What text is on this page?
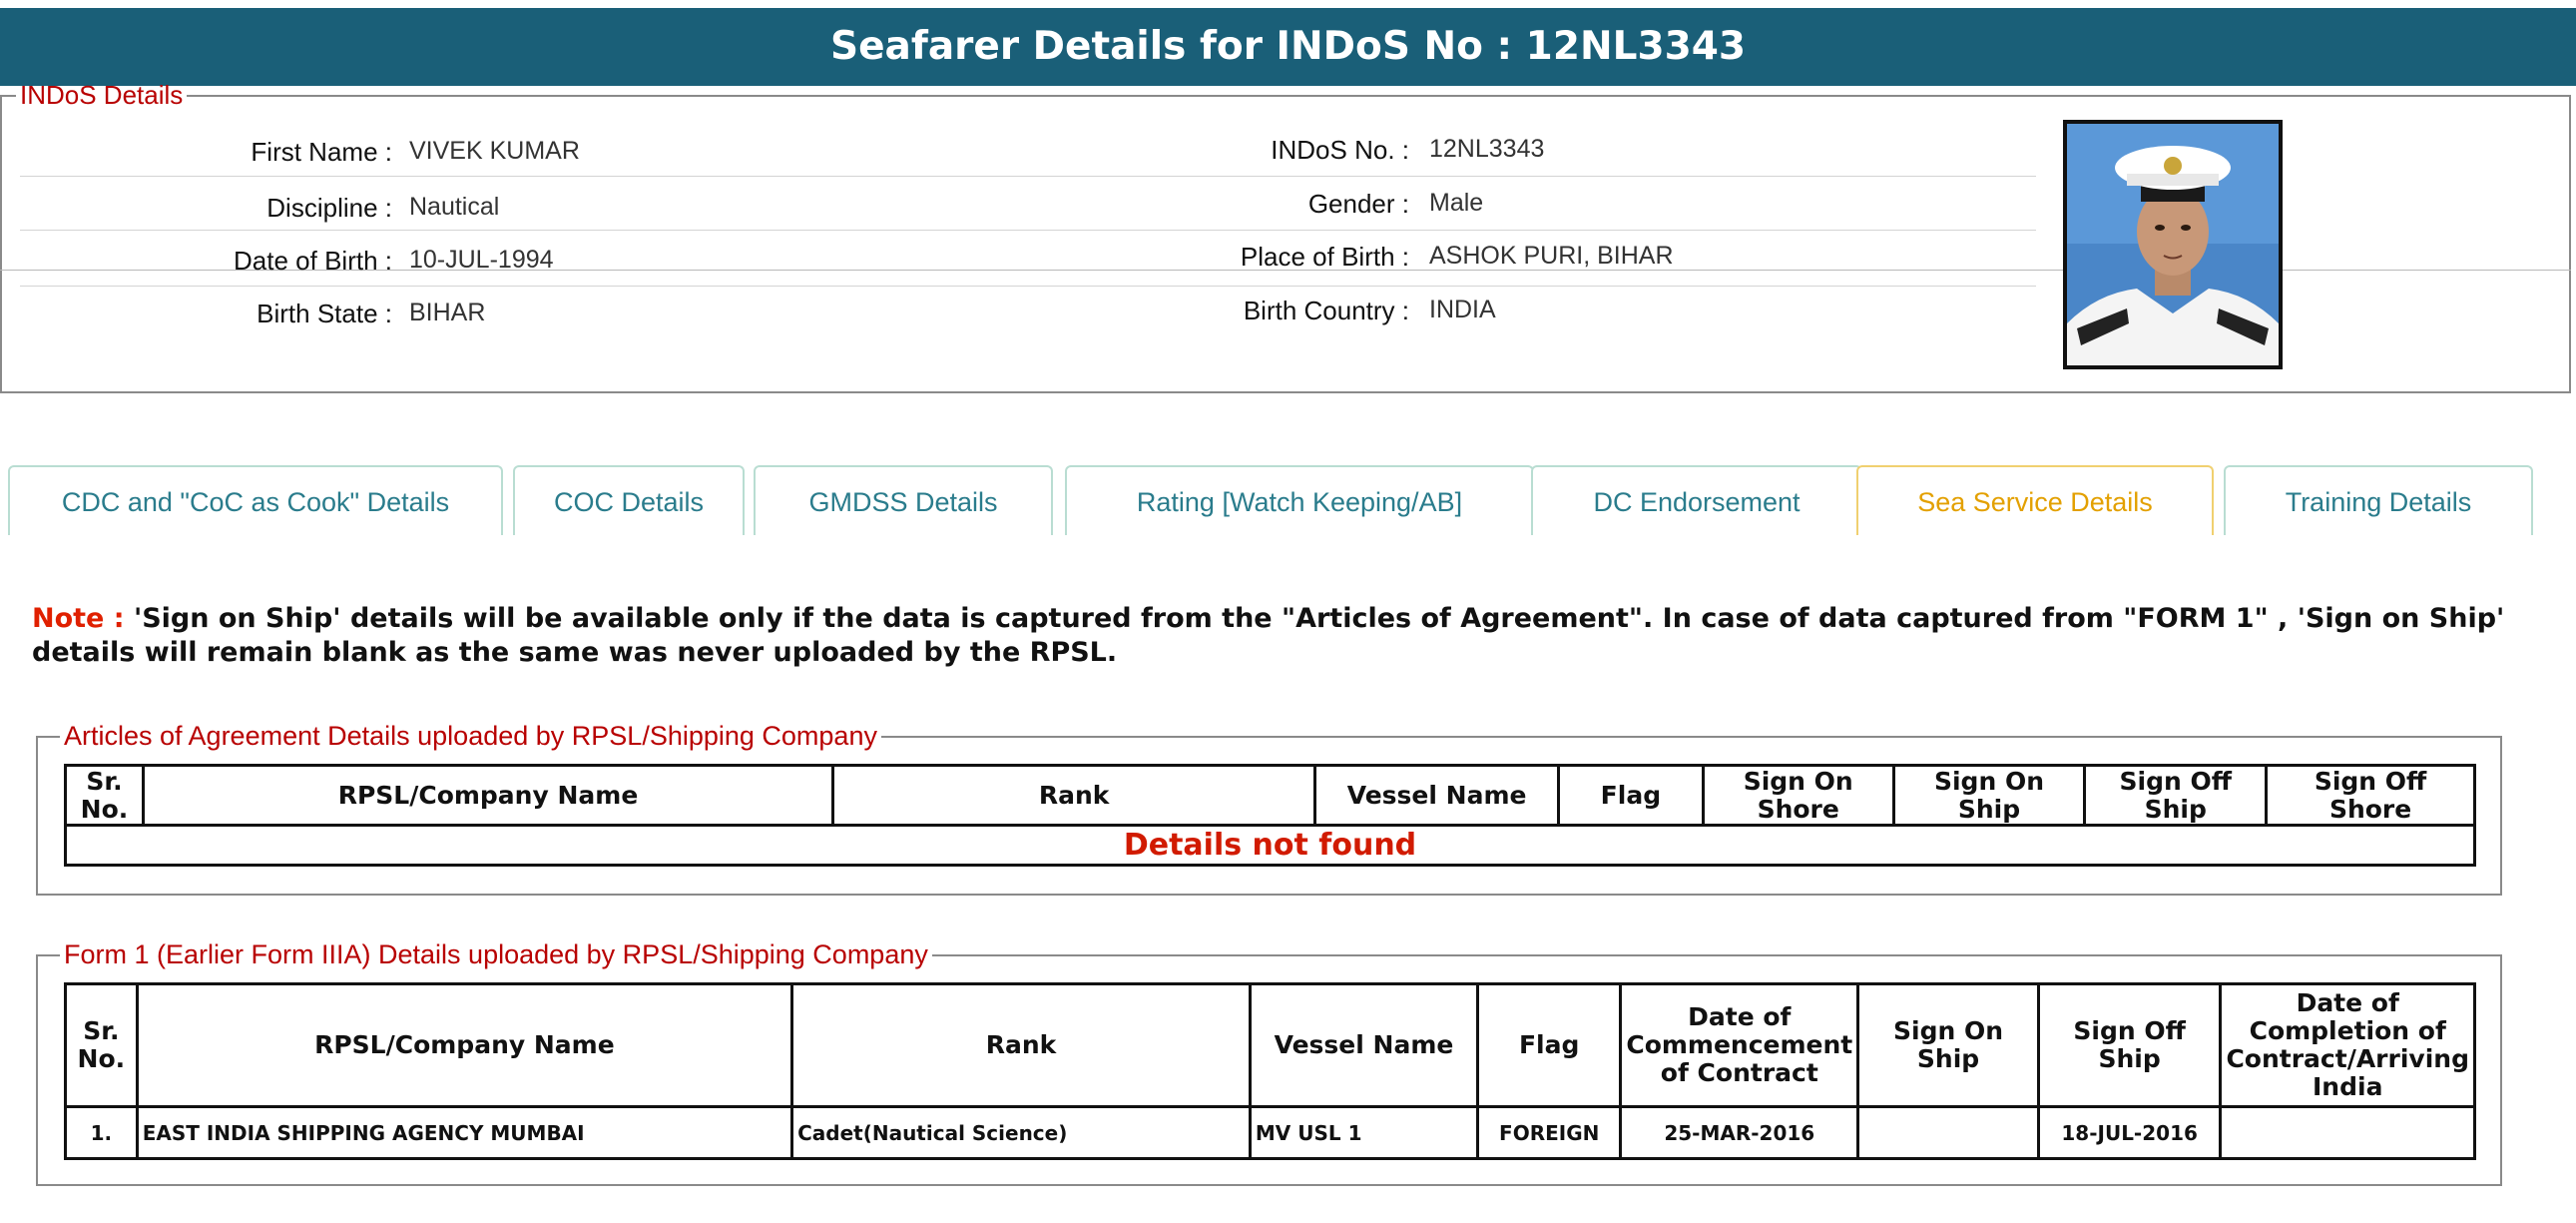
Seafarer Details for INDoS No : 12NL3343
INDoS Details
First Name : VIVEK KUMAR
Discipline : Nautical
Date of Birth : 10-JUL-1994
Birth State : BIHAR
INDoS No. : 12NL3343
Gender : Male
Place of Birth : ASHOK PURI, BIHAR
Birth Country : INDIA
CDC and "CoC as Cook" Details	COC Details	GMDSS Details	Rating [Watch Keeping/AB]	DC Endorsement	Sea Service Details	Training Details
Note : 'Sign on Ship' details will be available only if the data is captured from the "Articles of Agreement". In case of data captured from "FORM 1" , 'Sign on Ship' details will remain blank as the same was never uploaded by the RPSL.
Articles of Agreement Details uploaded by RPSL/Shipping Company
Sr. No.	RPSL/Company Name	Rank	Vessel Name	Flag	Sign On Shore	Sign On Ship	Sign Off Ship	Sign Off Shore
Details not found
Form 1 (Earlier Form IIIA) Details uploaded by RPSL/Shipping Company
Sr. No.	RPSL/Company Name	Rank	Vessel Name	Flag	Date of Commencement of Contract	Sign On Ship	Sign Off Ship	Date of Completion of Contract/Arriving India
1.	EAST INDIA SHIPPING AGENCY MUMBAI	Cadet(Nautical Science)	MV USL 1	FOREIGN	25-MAR-2016		18-JUL-2016	
